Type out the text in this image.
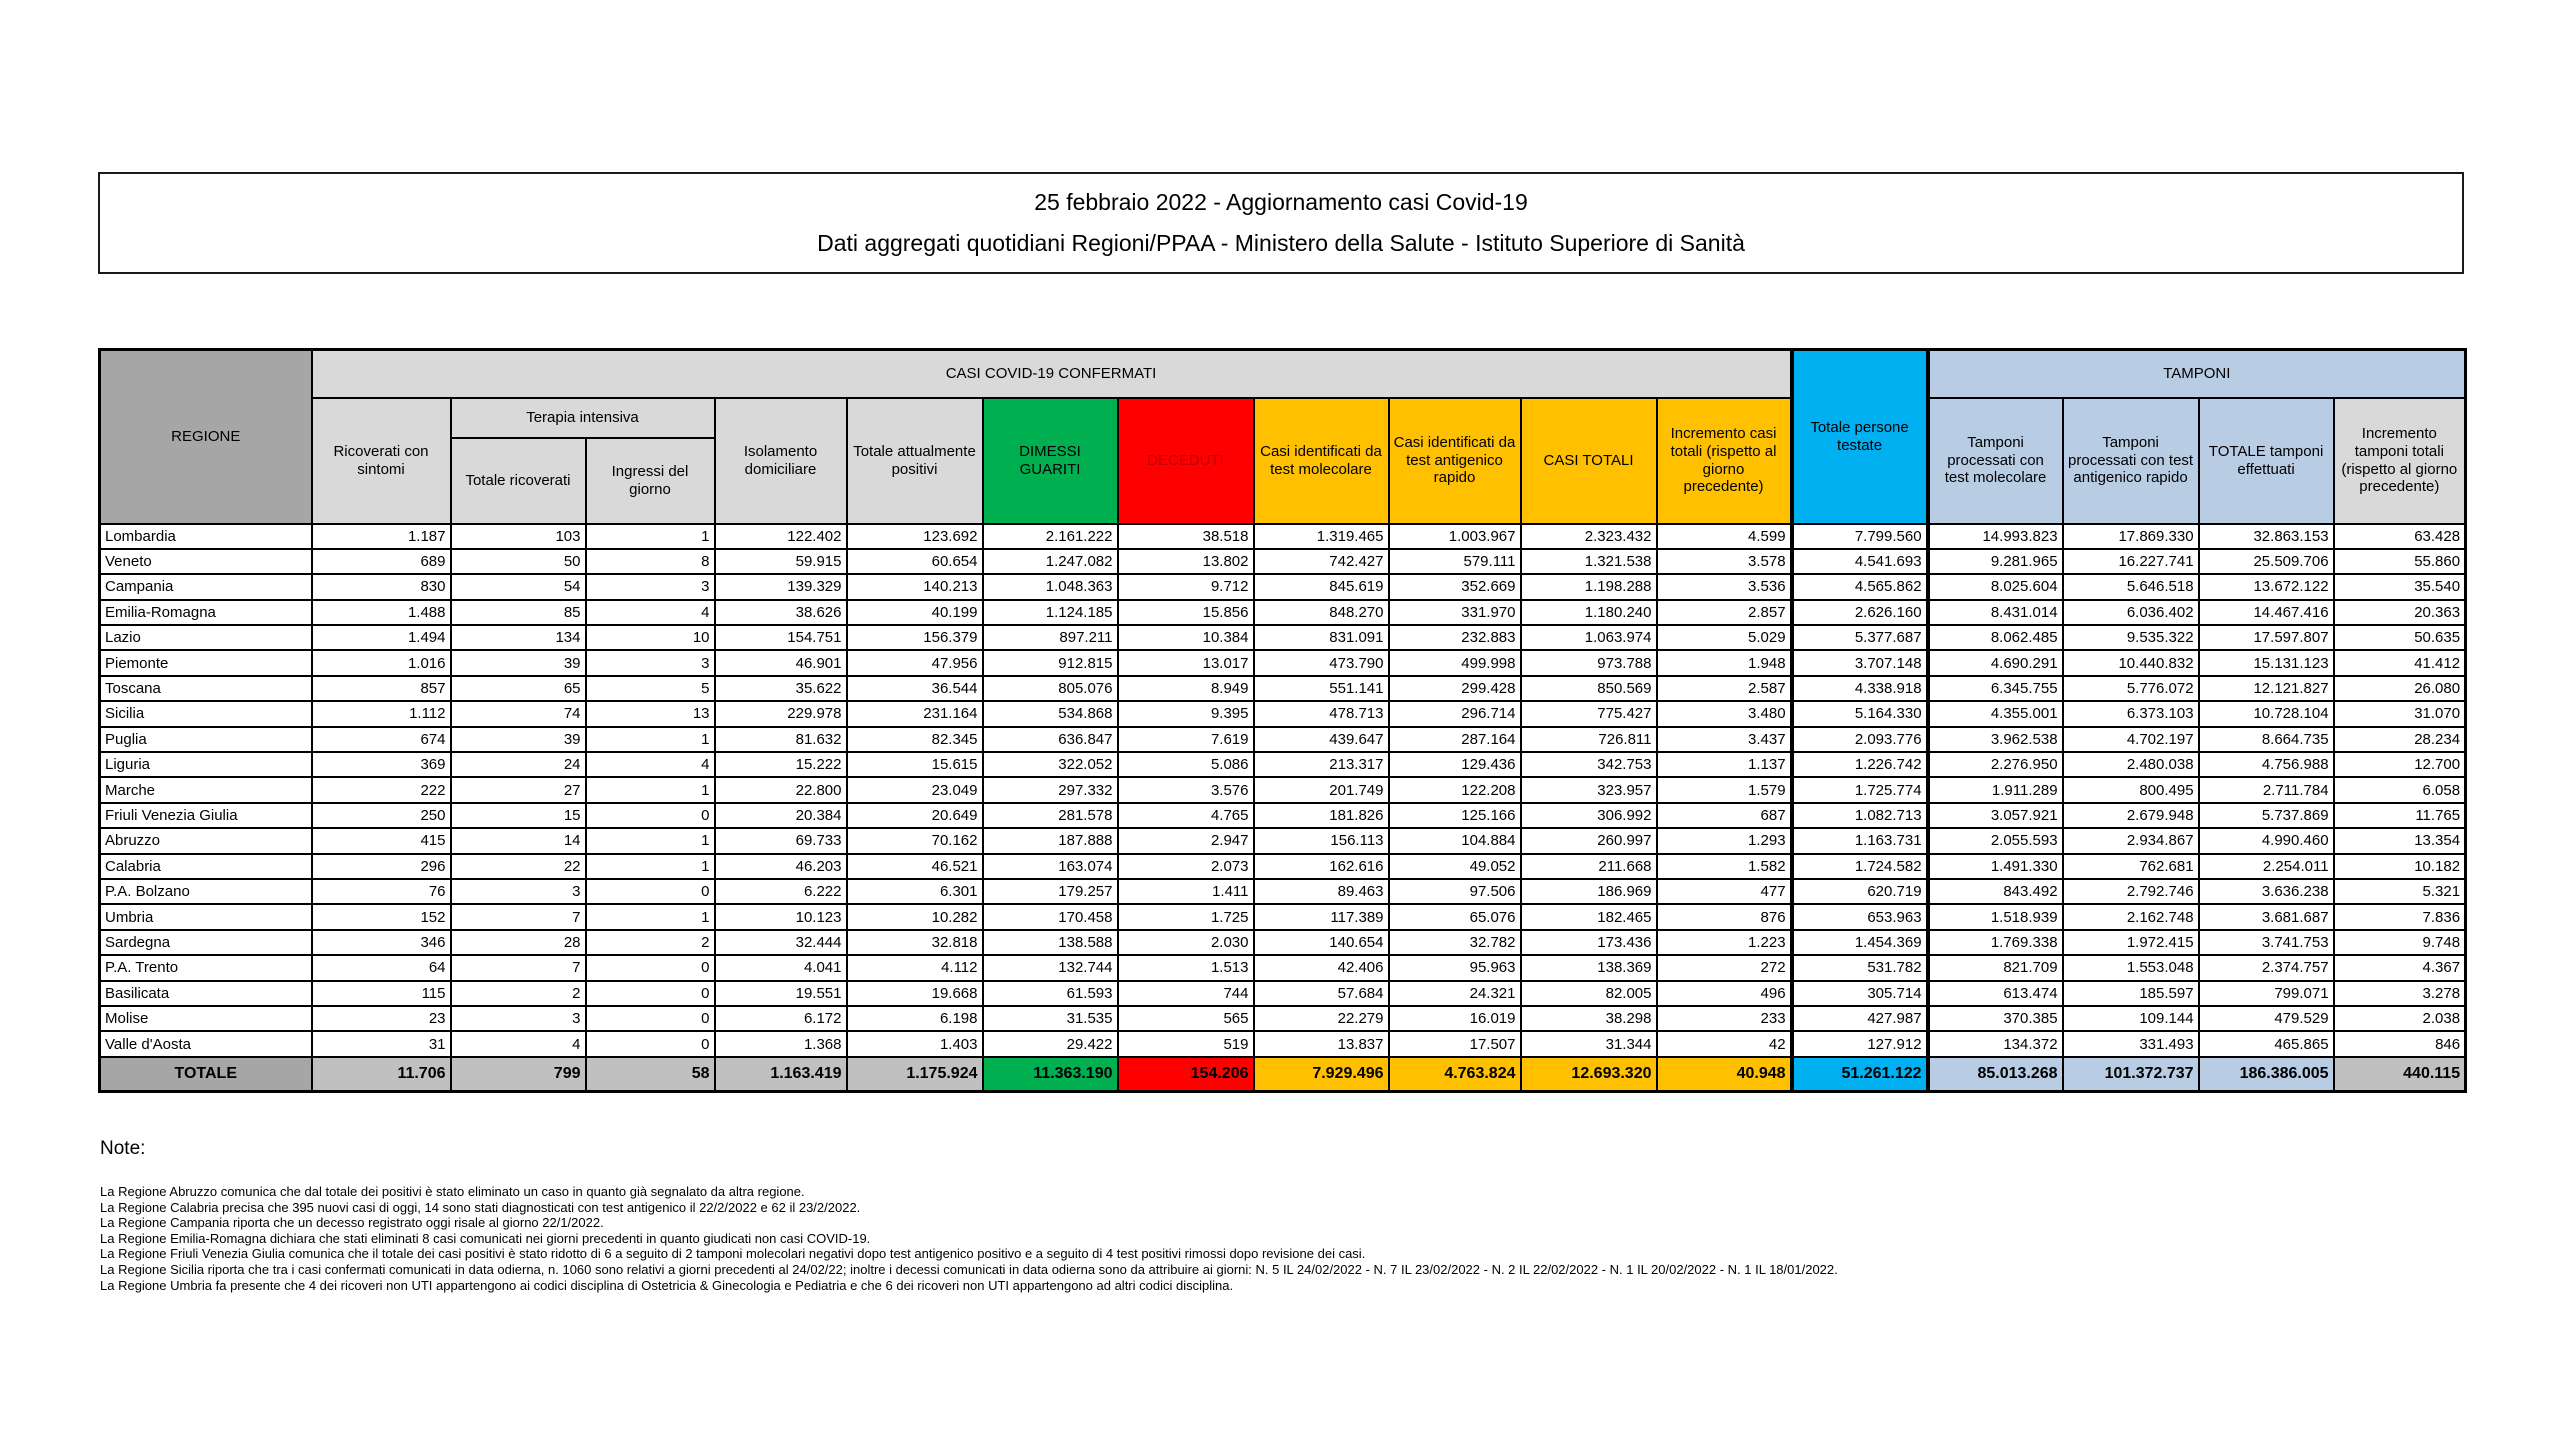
25 febbraio 2022 - Aggiornamento casi Covid-19
Dati aggregati quotidiani Regioni/PPAA - Ministero della Salute - Istituto Superiore di Sanità
REGIONE	CASI COVID-19 CONFERMATI											Totale persone testate	TAMPONI			
	Ricoverati con sintomi	Terapia intensiva		Isolamento domiciliare	Totale attualmente positivi	DIMESSI GUARITI	DECEDUTI	Casi identificati da test molecolare	Casi identificati da test antigenico rapido	CASI TOTALI	Incremento casi totali (rispetto al giorno precedente)		Tamponi processati con test molecolare	Tamponi processati con test antigenico rapido	TOTALE tamponi effettuati	Incremento tamponi totali (rispetto al giorno precedente)
		Totale ricoverati	Ingressi del giorno													
Lombardia	1.187	103	1	122.402	123.692	2.161.222	38.518	1.319.465	1.003.967	2.323.432	4.599	7.799.560	14.993.823	17.869.330	32.863.153	63.428
Veneto	689	50	8	59.915	60.654	1.247.082	13.802	742.427	579.111	1.321.538	3.578	4.541.693	9.281.965	16.227.741	25.509.706	55.860
Campania	830	54	3	139.329	140.213	1.048.363	9.712	845.619	352.669	1.198.288	3.536	4.565.862	8.025.604	5.646.518	13.672.122	35.540
Emilia-Romagna	1.488	85	4	38.626	40.199	1.124.185	15.856	848.270	331.970	1.180.240	2.857	2.626.160	8.431.014	6.036.402	14.467.416	20.363
Lazio	1.494	134	10	154.751	156.379	897.211	10.384	831.091	232.883	1.063.974	5.029	5.377.687	8.062.485	9.535.322	17.597.807	50.635
Piemonte	1.016	39	3	46.901	47.956	912.815	13.017	473.790	499.998	973.788	1.948	3.707.148	4.690.291	10.440.832	15.131.123	41.412
Toscana	857	65	5	35.622	36.544	805.076	8.949	551.141	299.428	850.569	2.587	4.338.918	6.345.755	5.776.072	12.121.827	26.080
Sicilia	1.112	74	13	229.978	231.164	534.868	9.395	478.713	296.714	775.427	3.480	5.164.330	4.355.001	6.373.103	10.728.104	31.070
Puglia	674	39	1	81.632	82.345	636.847	7.619	439.647	287.164	726.811	3.437	2.093.776	3.962.538	4.702.197	8.664.735	28.234
Liguria	369	24	4	15.222	15.615	322.052	5.086	213.317	129.436	342.753	1.137	1.226.742	2.276.950	2.480.038	4.756.988	12.700
Marche	222	27	1	22.800	23.049	297.332	3.576	201.749	122.208	323.957	1.579	1.725.774	1.911.289	800.495	2.711.784	6.058
Friuli Venezia Giulia	250	15	0	20.384	20.649	281.578	4.765	181.826	125.166	306.992	687	1.082.713	3.057.921	2.679.948	5.737.869	11.765
Abruzzo	415	14	1	69.733	70.162	187.888	2.947	156.113	104.884	260.997	1.293	1.163.731	2.055.593	2.934.867	4.990.460	13.354
Calabria	296	22	1	46.203	46.521	163.074	2.073	162.616	49.052	211.668	1.582	1.724.582	1.491.330	762.681	2.254.011	10.182
P.A. Bolzano	76	3	0	6.222	6.301	179.257	1.411	89.463	97.506	186.969	477	620.719	843.492	2.792.746	3.636.238	5.321
Umbria	152	7	1	10.123	10.282	170.458	1.725	117.389	65.076	182.465	876	653.963	1.518.939	2.162.748	3.681.687	7.836
Sardegna	346	28	2	32.444	32.818	138.588	2.030	140.654	32.782	173.436	1.223	1.454.369	1.769.338	1.972.415	3.741.753	9.748
P.A. Trento	64	7	0	4.041	4.112	132.744	1.513	42.406	95.963	138.369	272	531.782	821.709	1.553.048	2.374.757	4.367
Basilicata	115	2	0	19.551	19.668	61.593	744	57.684	24.321	82.005	496	305.714	613.474	185.597	799.071	3.278
Molise	23	3	0	6.172	6.198	31.535	565	22.279	16.019	38.298	233	427.987	370.385	109.144	479.529	2.038
Valle d'Aosta	31	4	0	1.368	1.403	29.422	519	13.837	17.507	31.344	42	127.912	134.372	331.493	465.865	846
TOTALE	11.706	799	58	1.163.419	1.175.924	11.363.190	154.206	7.929.496	4.763.824	12.693.320	40.948	51.261.122	85.013.268	101.372.737	186.386.005	440.115

Note:

La Regione Abruzzo comunica che dal totale dei positivi è stato eliminato un caso in quanto già segnalato da altra regione.
La Regione Calabria precisa che 395 nuovi casi di oggi, 14 sono stati diagnosticati con test antigenico il 22/2/2022 e 62 il 23/2/2022.
La Regione Campania riporta che un decesso registrato oggi risale al giorno 22/1/2022.
La Regione Emilia-Romagna dichiara che stati eliminati 8 casi comunicati nei giorni precedenti in quanto giudicati non casi COVID-19.
La Regione Friuli Venezia Giulia comunica che il totale dei casi positivi è stato ridotto di 6 a seguito di 2 tamponi molecolari negativi dopo test antigenico positivo e a seguito di 4 test positivi rimossi dopo revisione dei casi.
La Regione Sicilia riporta che tra i casi confermati comunicati in data odierna, n. 1060 sono relativi a giorni precedenti al 24/02/22; inoltre i decessi comunicati in data odierna sono da attribuire ai giorni: N. 5 IL 24/02/2022 - N. 7 IL 23/02/2022 - N. 2 IL 22/02/2022 - N. 1 IL 20/02/2022 - N. 1 IL 18/01/2022.
La Regione Umbria fa presente che 4 dei ricoveri non UTI appartengono ai codici disciplina di Ostetricia & Ginecologia e Pediatria e che 6 dei ricoveri non UTI appartengono ad altri codici disciplina.
